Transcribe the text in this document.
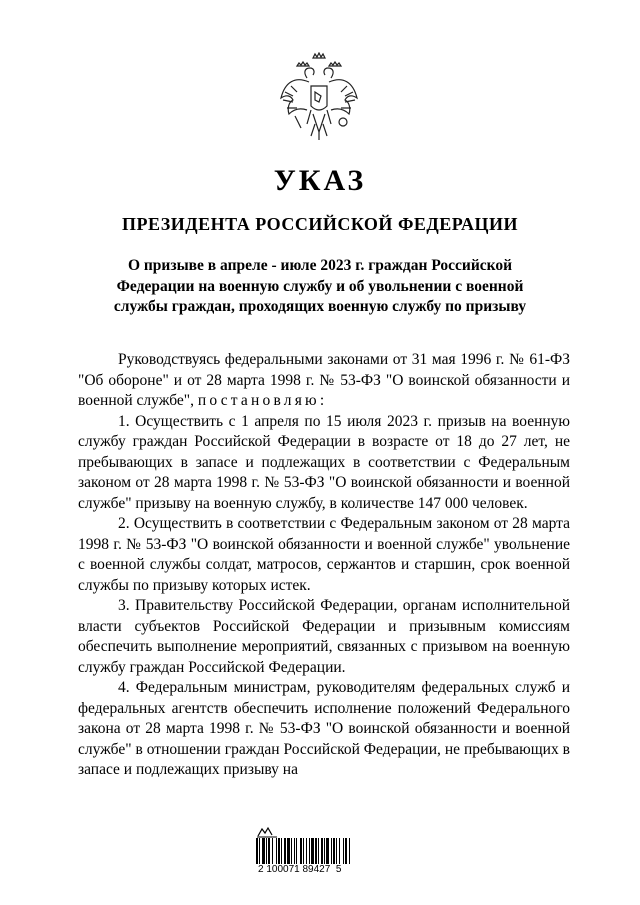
УКАЗ
ПРЕЗИДЕНТА РОССИЙСКОЙ ФЕДЕРАЦИИ

О призыве в апреле - июле 2023 г. граждан Российской Федерации на военную службу и об увольнении с военной службы граждан, проходящих военную службу по призыву

Руководствуясь федеральными законами от 31 мая 1996 г. № 61-ФЗ "Об обороне" и от 28 марта 1998 г. № 53-ФЗ "О воинской обязанности и военной службе", постановляю:

1. Осуществить с 1 апреля по 15 июля 2023 г. призыв на военную службу граждан Российской Федерации в возрасте от 18 до 27 лет, не пребывающих в запасе и подлежащих в соответствии с Федеральным законом от 28 марта 1998 г. № 53-ФЗ "О воинской обязанности и военной службе" призыву на военную службу, в количестве 147 000 человек.

2. Осуществить в соответствии с Федеральным законом от 28 марта 1998 г. № 53-ФЗ "О воинской обязанности и военной службе" увольнение с военной службы солдат, матросов, сержантов и старшин, срок военной службы по призыву которых истек.

3. Правительству Российской Федерации, органам исполнительной власти субъектов Российской Федерации и призывным комиссиям обеспечить выполнение мероприятий, связанных с призывом на военную службу граждан Российской Федерации.

4. Федеральным министрам, руководителям федеральных служб и федеральных агентств обеспечить исполнение положений Федерального закона от 28 марта 1998 г. № 53-ФЗ "О воинской обязанности и военной службе" в отношении граждан Российской Федерации, не пребывающих в запасе и подлежащих призыву на

2 100071 89427  5
